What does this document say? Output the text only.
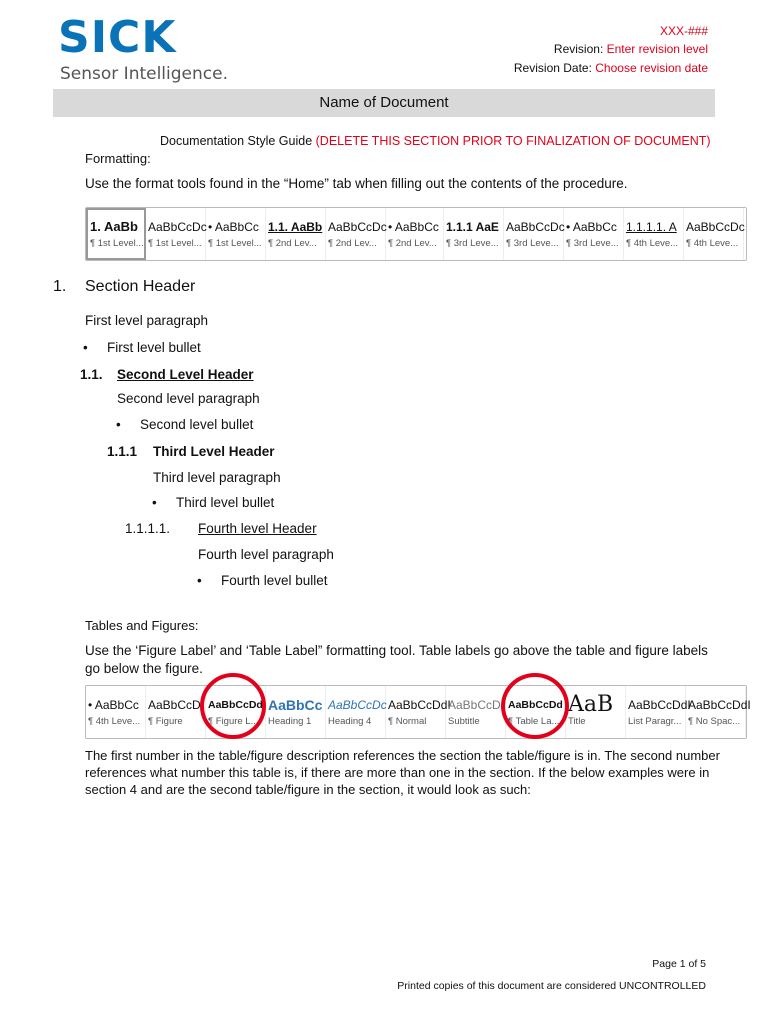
SICK
Sensor Intelligence.
XXX-###
Revision: Enter revision level
Revision Date: Choose revision date
Name of Document
Documentation Style Guide (DELETE THIS SECTION PRIOR TO FINALIZATION OF DOCUMENT)
Formatting:
Use the format tools found in the “Home” tab when filling out the contents of the procedure.
1. AaBb
¶ 1st Level...
AaBbCcDc
¶ 1st Level...
• AaBbCc
¶ 1st Level...
1.1. AaBb
¶ 2nd Lev...
AaBbCcDc
¶ 2nd Lev...
• AaBbCc
¶ 2nd Lev...
1.1.1 AaE
¶ 3rd Leve...
AaBbCcDc
¶ 3rd Leve...
• AaBbCc
¶ 3rd Leve...
1.1.1.1. A
¶ 4th Leve...
AaBbCcDc
¶ 4th Leve...
1. Section Header
First level paragraph
• First level bullet
1.1. Second Level Header
Second level paragraph
• Second level bullet
1.1.1 Third Level Header
Third level paragraph
• Third level bullet
1.1.1.1. Fourth level Header
Fourth level paragraph
• Fourth level bullet
Tables and Figures:
Use the ‘Figure Label’ and ‘Table Label” formatting tool. Table labels go above the table and figure labels go below the figure.
• AaBbCc
¶ 4th Leve...
AaBbCcD
¶ Figure
AaBbCcDd
¶ Figure L...
AaBbCc
Heading 1
AaBbCcDc
Heading 4
AaBbCcDdI
¶ Normal
AaBbCcD
Subtitle
AaBbCcDd
¶ Table La...
AaB
Title
AaBbCcDdI
List Paragr...
AaBbCcDdI
¶ No Spac...
The first number in the table/figure description references the section the table/figure is in. The second number references what number this table is, if there are more than one in the section. If the below examples were in section 4 and are the second table/figure in the section, it would look as such:
Page 1 of 5
Printed copies of this document are considered UNCONTROLLED
